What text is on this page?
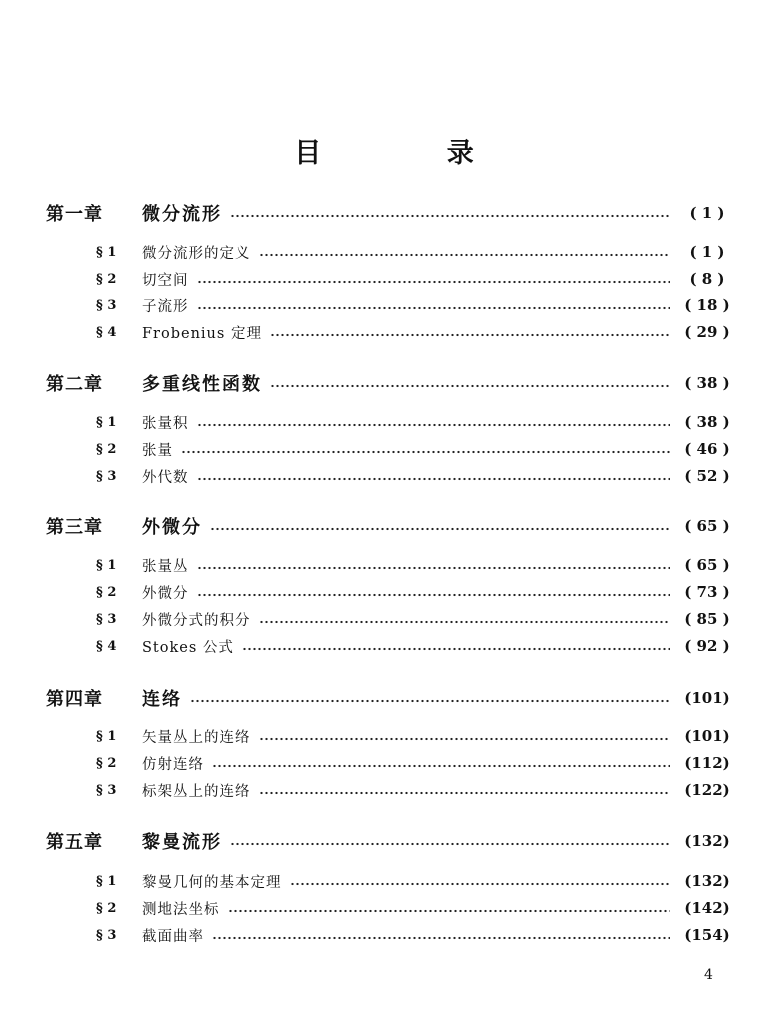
目 录
第一章	微分流形	( 1 )
§ 1	微分流形的定义	( 1 )
§ 2	切空间	( 8 )
§ 3	子流形	( 18 )
§ 4	Frobenius 定理	( 29 )
第二章	多重线性函数	( 38 )
§ 1	张量积	( 38 )
§ 2	张量	( 46 )
§ 3	外代数	( 52 )
第三章	外微分	( 65 )
§ 1	张量丛	( 65 )
§ 2	外微分	( 73 )
§ 3	外微分式的积分	( 85 )
§ 4	Stokes 公式	( 92 )
第四章	连络	(101)
§ 1	矢量丛上的连络	(101)
§ 2	仿射连络	(112)
§ 3	标架丛上的连络	(122)
第五章	黎曼流形	(132)
§ 1	黎曼几何的基本定理	(132)
§ 2	测地法坐标	(142)
§ 3	截面曲率	(154)
4
